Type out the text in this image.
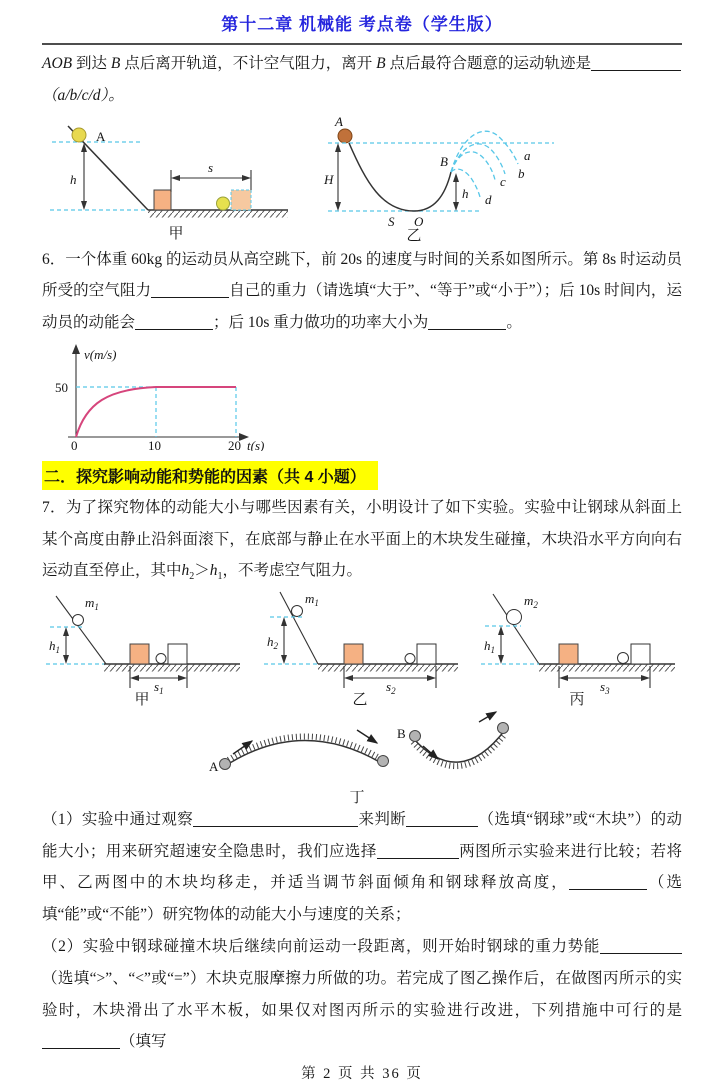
第十二章 机械能 考点卷（学生版）

AOB 到达 B 点后离开轨道，不计空气阻力，离开 B 点后最符合题意的运动轨迹是
（a/b/c/d）。

A
h
s
甲
A
H
S O
B
h
a
b
c
d
乙

6．一个体重 60kg 的运动员从高空跳下，前 20s 的速度与时间的关系如图所示。第 8s 时运动员所受的空气阻力	自己的重力（请选填“大于”、“等于”或“小于”）；后 10s 时间内，运动员的动能会	；后 10s 重力做功的功率大小为	。

v(m/s)
50
0	10	20 t(s)
二．探究影响动能和势能的因素（共 4 小题）

7．为了探究物体的动能大小与哪些因素有关，小明设计了如下实验。实验中让钢球从斜面上某个高度由静止沿斜面滚下，在底部与静止在水平面上的木块发生碰撞，木块沿水平方向向右运动直至停止，其中$h_2>h_1$，不考虑空气阻力。

$m_1$
$h_1$
$s_1$
甲
$m_1$
$h_2$
$s_2$
乙
$m_2$
$h_1$
$s_3$
丙
A
B
丁

（1）实验中通过观察	来判断	（选填“钢球”或“木块”）的动能大小；用来研究超速安全隐患时，我们应选择	两图所示实验来进行比较；若将甲、乙两图中的木块均移走，并适当调节斜面倾角和钢球释放高度，	（选填“能”或“不能”）研究物体的动能大小与速度的关系；

（2）实验中钢球碰撞木块后继续向前运动一段距离，则开始时钢球的重力势能（选填“>”、“<”或“=”）木块克服摩擦力所做的功。若完成了图乙操作后，在做图丙所示的实验时，木块滑出了水平木板，如果仅对图丙所示的实验进行改进，下列措施中可行的是（填写

第 2 页 共 36 页
